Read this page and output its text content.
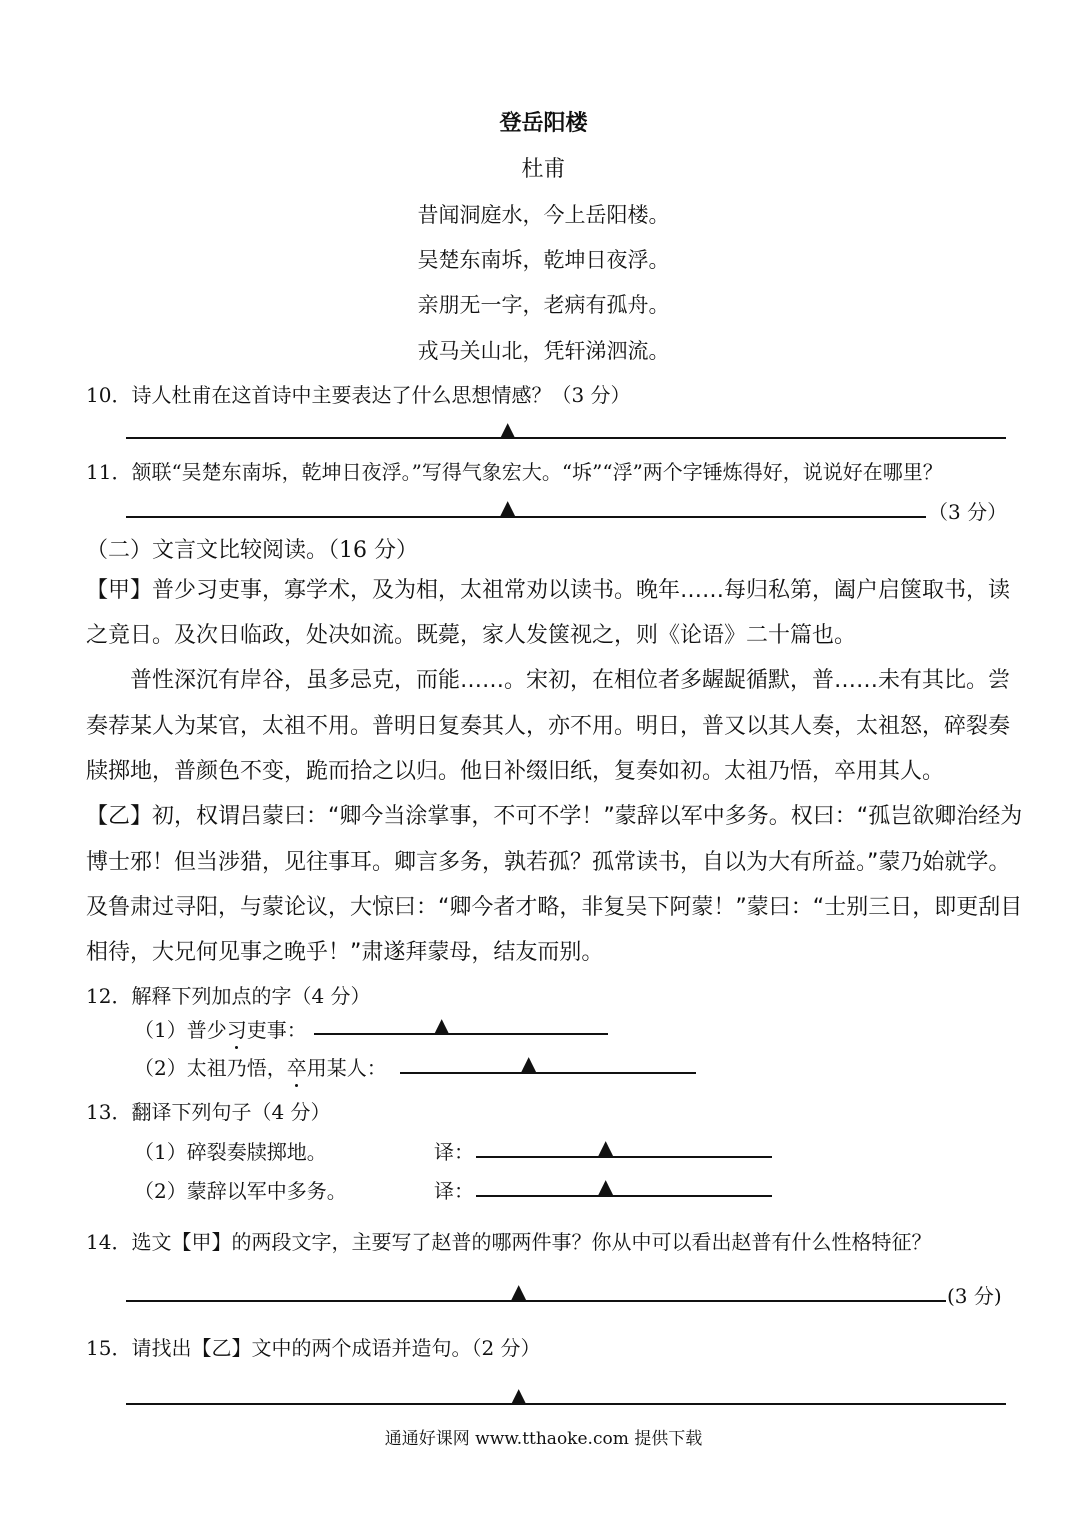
登岳阳楼
杜甫
昔闻洞庭水，今上岳阳楼。
吴楚东南坼，乾坤日夜浮。
亲朋无一字，老病有孤舟。
戎马关山北，凭轩涕泗流。
10．诗人杜甫在这首诗中主要表达了什么思想情感？（3 分）
▲
11．颔联“吴楚东南坼，乾坤日夜浮。”写得气象宏大。“坼”“浮”两个字锤炼得好，说说好在哪里？
▲	（3 分）
（二）文言文比较阅读。（16 分）
【甲】普少习吏事，寡学术，及为相，太祖常劝以读书。晚年……每归私第，阖户启箧取书，读
之竟日。及次日临政，处决如流。既薨，家人发箧视之，则《论语》二十篇也。
　　普性深沉有岸谷，虽多忌克，而能……。宋初，在相位者多龌龊循默，普……未有其比。尝
奏荐某人为某官，太祖不用。普明日复奏其人，亦不用。明日，普又以其人奏，太祖怒，碎裂奏
牍掷地，普颜色不变，跪而拾之以归。他日补缀旧纸，复奏如初。太祖乃悟，卒用其人。
【乙】初，权谓吕蒙曰：“卿今当涂掌事，不可不学！”蒙辞以军中多务。权曰：“孤岂欲卿治经为
博士邪！但当涉猎，见往事耳。卿言多务，孰若孤？孤常读书，自以为大有所益。”蒙乃始就学。
及鲁肃过寻阳，与蒙论议，大惊曰：“卿今者才略，非复吴下阿蒙！”蒙曰：“士别三日，即更刮目
相待，大兄何见事之晚乎！”肃遂拜蒙母，结友而别。
12．解释下列加点的字（4 分）
（1）普少习吏事：	▲
（2）太祖乃悟，卒用某人：	▲
13．翻译下列句子（4 分）
（1）碎裂奏牍掷地。	译：	▲
（2）蒙辞以军中多务。	译：	▲
14．选文【甲】的两段文字，主要写了赵普的哪两件事？你从中可以看出赵普有什么性格特征？
▲	(3 分)
15．请找出【乙】文中的两个成语并造句。（2 分）
▲
通通好课网 www.tthaoke.com 提供下载
